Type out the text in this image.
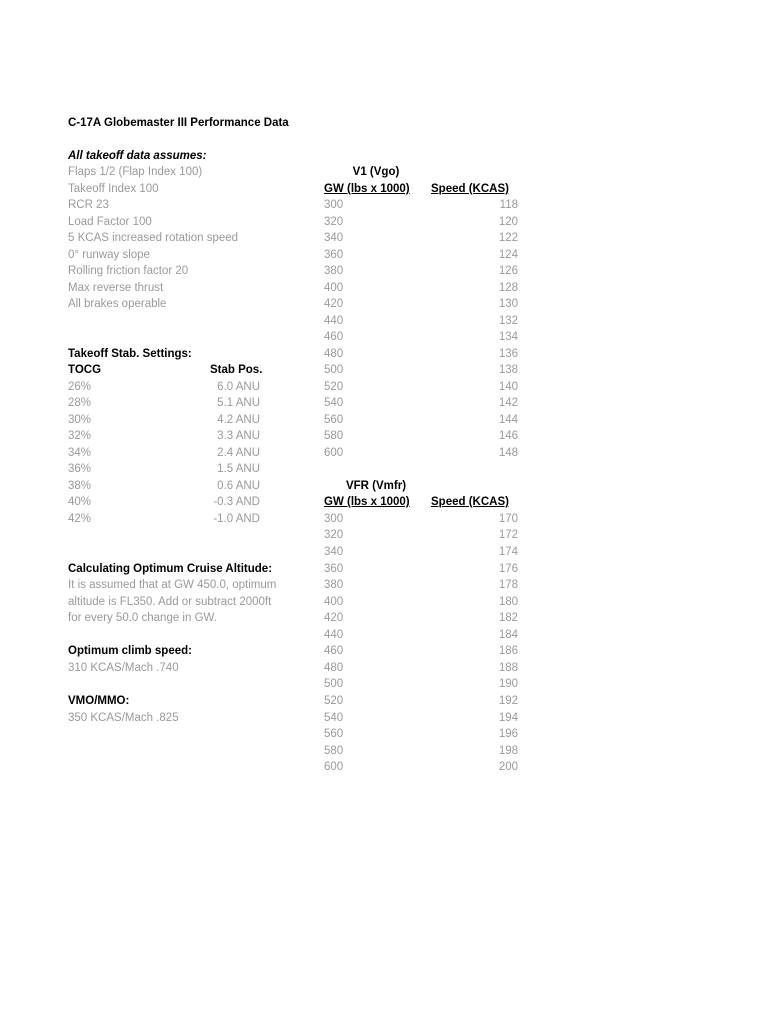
C-17A Globemaster III Performance Data
All takeoff data assumes:
Flaps 1/2 (Flap Index 100)
Takeoff Index 100
RCR 23
Load Factor 100
5 KCAS increased rotation speed
0° runway slope
Rolling friction factor 20
Max reverse thrust
All brakes operable
Takeoff Stab. Settings:
TOCG	Stab Pos.
26%	6.0 ANU
28%	5.1 ANU
30%	4.2 ANU
32%	3.3 ANU
34%	2.4 ANU
36%	1.5 ANU
38%	0.6 ANU
40%	-0.3 AND
42%	-1.0 AND
Calculating Optimum Cruise Altitude:
It is assumed that at GW 450.0, optimum
altitude is FL350. Add or subtract 2000ft
for every 50.0 change in GW.
Optimum climb speed:
310 KCAS/Mach .740
VMO/MMO:
350 KCAS/Mach .825
V1 (Vgo)
GW (lbs x 1000) Speed (KCAS)
300	118
320	120
340	122
360	124
380	126
400	128
420	130
440	132
460	134
480	136
500	138
520	140
540	142
560	144
580	146
600	148
VFR (Vmfr)
GW (lbs x 1000) Speed (KCAS)
300	170
320	172
340	174
360	176
380	178
400	180
420	182
440	184
460	186
480	188
500	190
520	192
540	194
560	196
580	198
600	200
